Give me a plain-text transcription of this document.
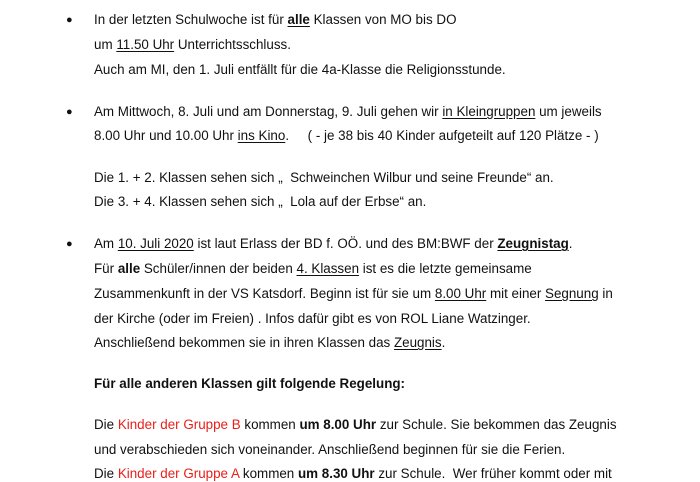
● In der letzten Schulwoche ist für alle Klassen von MO bis DO
um 11.50 Uhr Unterrichtsschluss.
Auch am MI, den 1. Juli entfällt für die 4a-Klasse die Religionsstunde.
● Am Mittwoch, 8. Juli und am Donnerstag, 9. Juli gehen wir in Kleingruppen um jeweils
8.00 Uhr und 10.00 Uhr ins Kino.     ( - je 38 bis 40 Kinder aufgeteilt auf 120 Plätze - )
Die 1. + 2. Klassen sehen sich „  Schweinchen Wilbur und seine Freunde“ an.
Die 3. + 4. Klassen sehen sich „  Lola auf der Erbse“ an.
● Am 10. Juli 2020 ist laut Erlass der BD f. OÖ. und des BM:BWF der Zeugnistag.
Für alle Schüler/innen der beiden 4. Klassen ist es die letzte gemeinsame
Zusammenkunft in der VS Katsdorf. Beginn ist für sie um 8.00 Uhr mit einer Segnung in
der Kirche (oder im Freien) . Infos dafür gibt es von ROL Liane Watzinger.
Anschließend bekommen sie in ihren Klassen das Zeugnis.
Für alle anderen Klassen gilt folgende Regelung:
Die Kinder der Gruppe B kommen um 8.00 Uhr zur Schule. Sie bekommen das Zeugnis
und verabschieden sich voneinander. Anschließend beginnen für sie die Ferien.
Die Kinder der Gruppe A kommen um 8.30 Uhr zur Schule.  Wer früher kommt oder mit
